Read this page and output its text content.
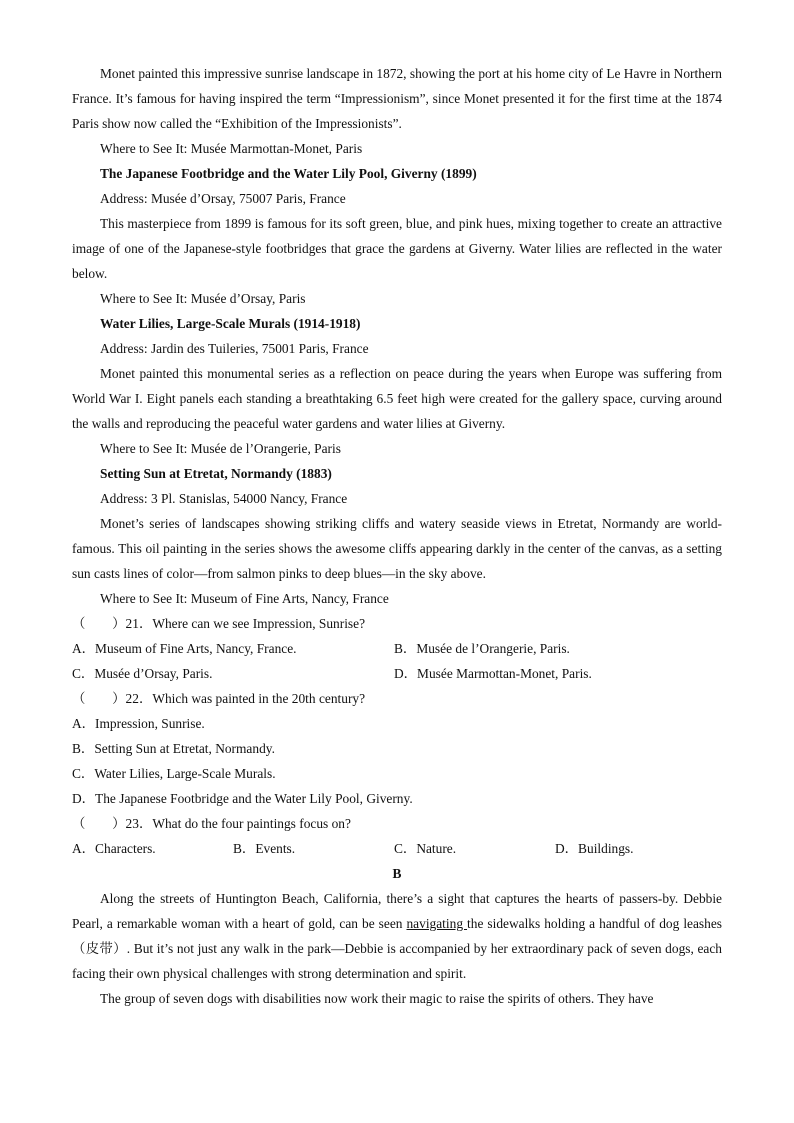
Monet painted this impressive sunrise landscape in 1872, showing the port at his home city of Le Havre in Northern France. It’s famous for having inspired the term “Impressionism”, since Monet presented it for the first time at the 1874 Paris show now called the “Exhibition of the Impressionists”.

Where to See It: Musée Marmottan-Monet, Paris

The Japanese Footbridge and the Water Lily Pool, Giverny (1899)

Address: Musée d’Orsay, 75007 Paris, France

This masterpiece from 1899 is famous for its soft green, blue, and pink hues, mixing together to create an attractive image of one of the Japanese-style footbridges that grace the gardens at Giverny. Water lilies are reflected in the water below.

Where to See It: Musée d’Orsay, Paris

Water Lilies, Large-Scale Murals (1914-1918)

Address: Jardin des Tuileries, 75001 Paris, France

Monet painted this monumental series as a reflection on peace during the years when Europe was suffering from World War I. Eight panels each standing a breathtaking 6.5 feet high were created for the gallery space, curving around the walls and reproducing the peaceful water gardens and water lilies at Giverny.

Where to See It: Musée de l’Orangerie, Paris

Setting Sun at Etretat, Normandy (1883)

Address: 3 Pl. Stanislas, 54000 Nancy, France

Monet’s series of landscapes showing striking cliffs and watery seaside views in Etretat, Normandy are world-famous. This oil painting in the series shows the awesome cliffs appearing darkly in the center of the canvas, as a setting sun casts lines of color—from salmon pinks to deep blues—in the sky above.

Where to See It: Museum of Fine Arts, Nancy, France

（　　）21．Where can we see Impression, Sunrise?

A．Museum of Fine Arts, Nancy, France.	B．Musée de l’Orangerie, Paris.
C．Musée d’Orsay, Paris.	D．Musée Marmottan-Monet, Paris.

（　　）22．Which was painted in the 20th century?

A．Impression, Sunrise.

B．Setting Sun at Etretat, Normandy.

C．Water Lilies, Large-Scale Murals.

D．The Japanese Footbridge and the Water Lily Pool, Giverny.

（　　）23．What do the four paintings focus on?

A．Characters.	B．Events.	C．Nature.	D．Buildings.

B

Along the streets of Huntington Beach, California, there’s a sight that captures the hearts of passers-by. Debbie Pearl, a remarkable woman with a heart of gold, can be seen navigating the sidewalks holding a handful of dog leashes （皮带）. But it’s not just any walk in the park—Debbie is accompanied by her extraordinary pack of seven dogs, each facing their own physical challenges with strong determination and spirit.

The group of seven dogs with disabilities now work their magic to raise the spirits of others. They have
